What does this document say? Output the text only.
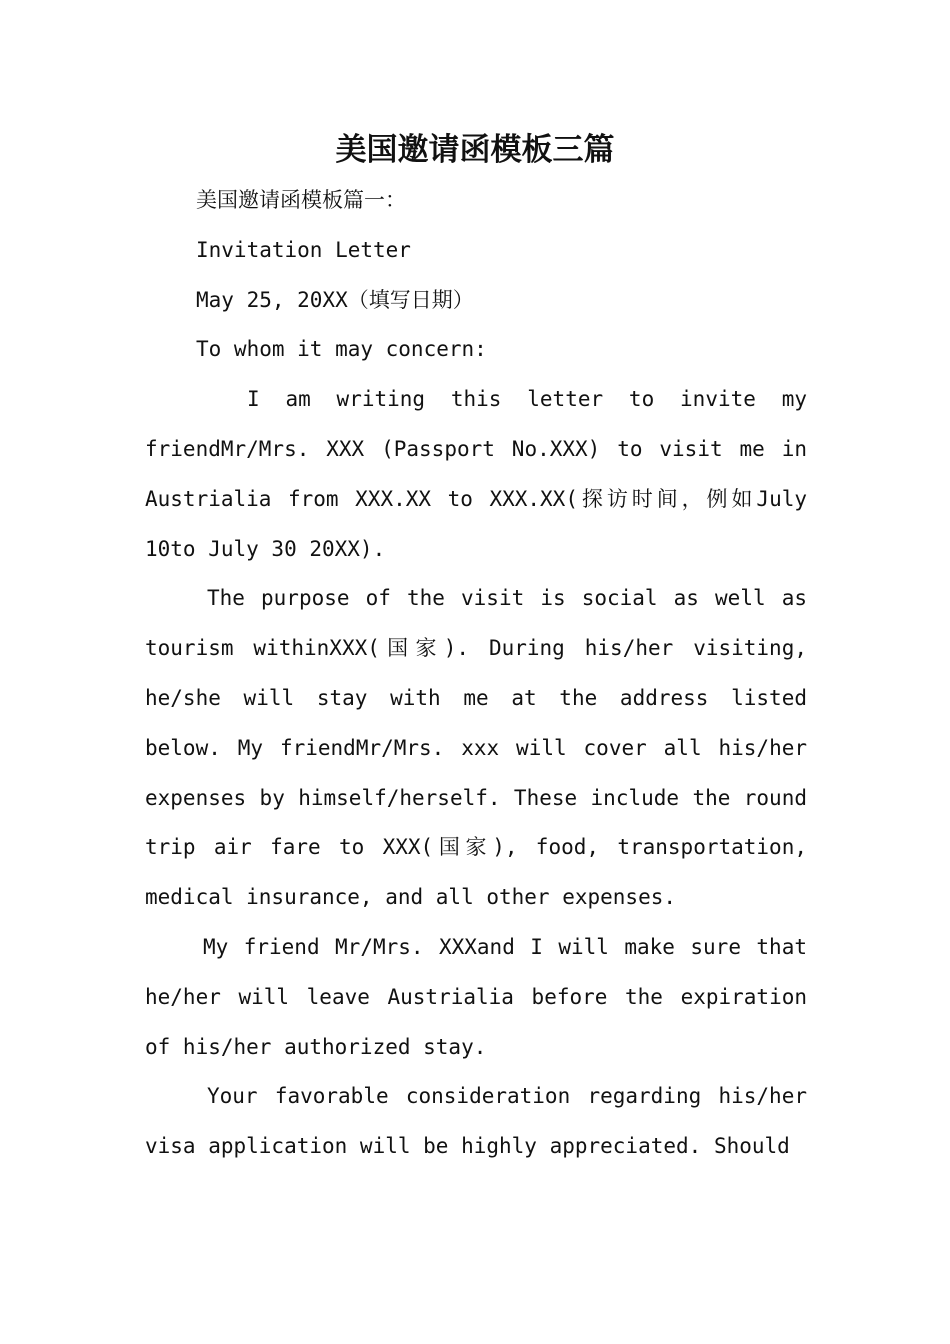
美国邀请函模板三篇

美国邀请函模板篇一：

Invitation Letter

May 25, 20XX（填写日期）

To whom it may concern:

I am writing this letter to invite my friendMr/Mrs. XXX (Passport No.XXX) to visit me in Austrialia from XXX.XX to XXX.XX(探访时间，例如July 10to July 30 20XX).

The purpose of the visit is social as well as tourism withinXXX(国家). During his/her visiting, he/she will stay with me at the address listed below. My friendMr/Mrs. xxx will cover all his/her expenses by himself/herself. These include the round trip air fare to XXX(国家), food, transportation, medical insurance, and all other expenses.

My friend Mr/Mrs. XXXand I will make sure that he/her will leave Austrialia before the expiration of his/her authorized stay.

Your favorable consideration regarding his/her visa application will be highly appreciated. Should
